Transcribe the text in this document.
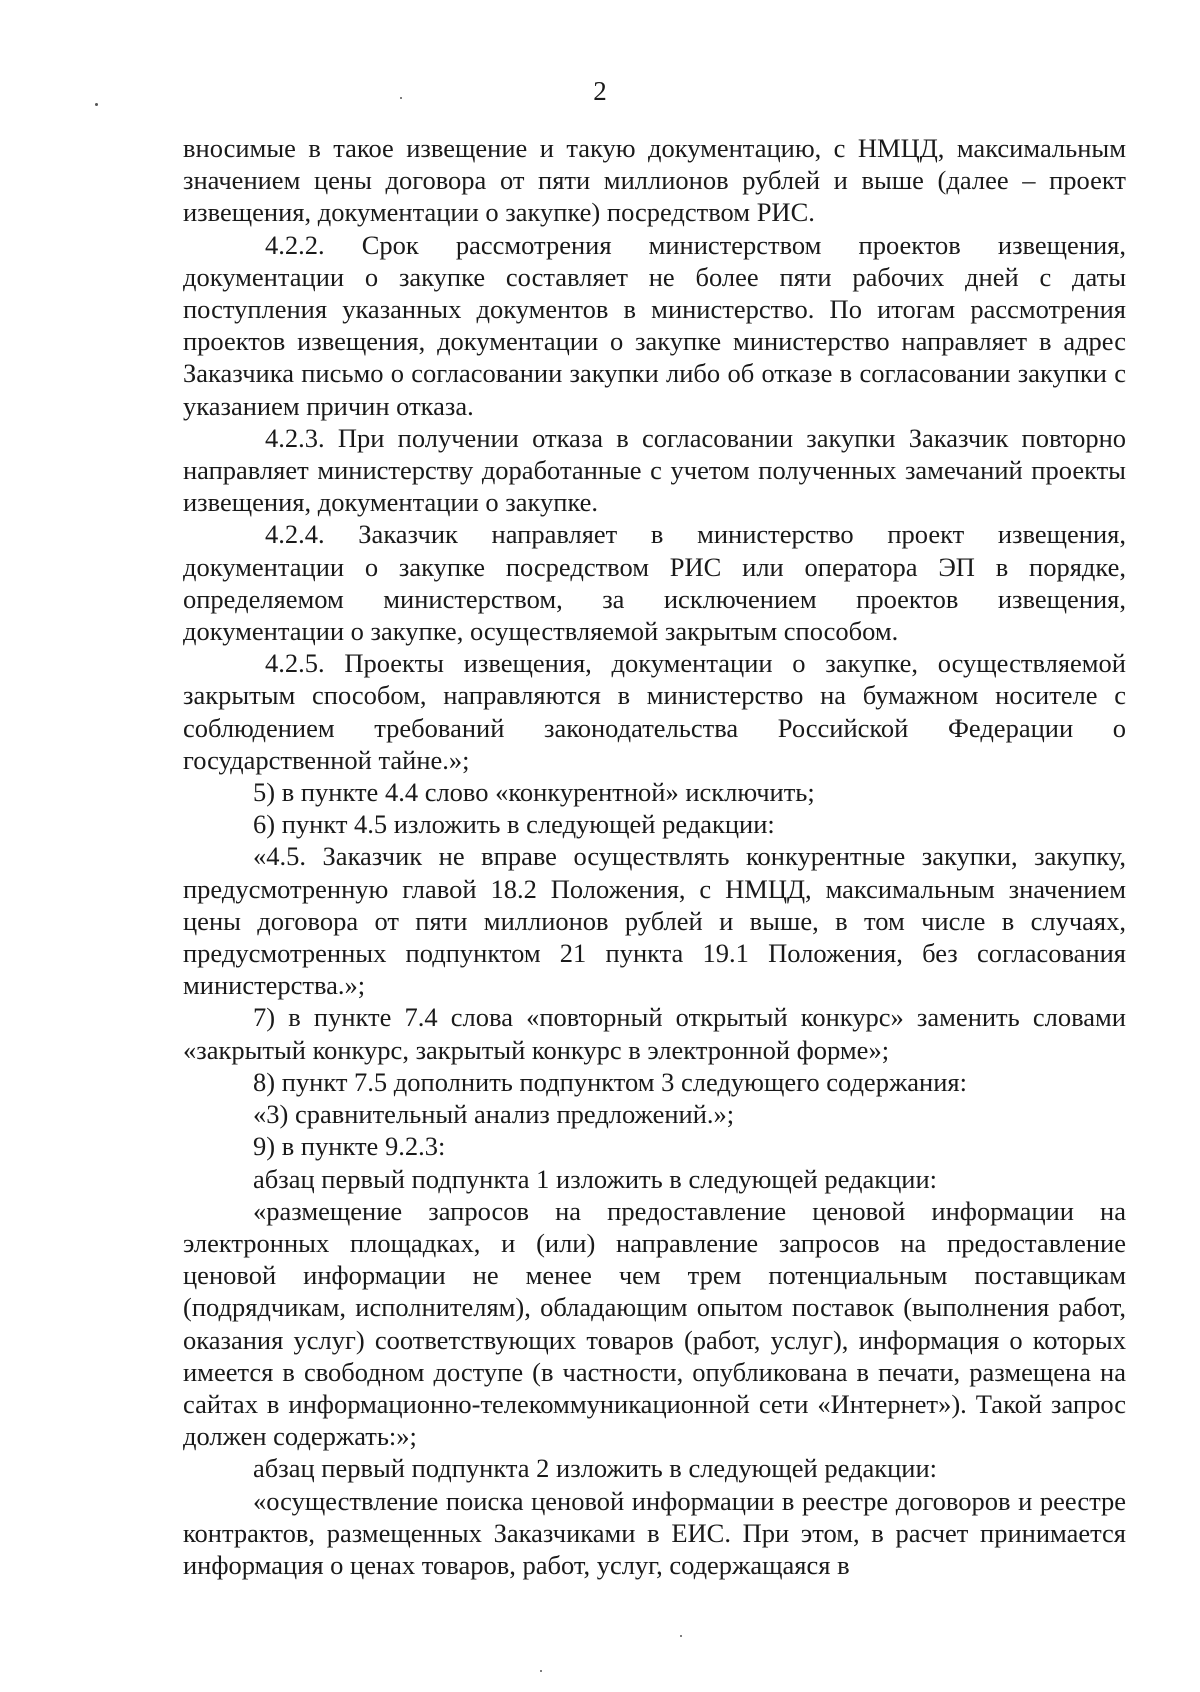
2

вносимые в такое извещение и такую документацию, с НМЦД, максимальным значением цены договора от пяти миллионов рублей и выше (далее – проект извещения, документации о закупке) посредством РИС.

4.2.2. Срок рассмотрения министерством проектов извещения, документации о закупке составляет не более пяти рабочих дней с даты поступления указанных документов в министерство. По итогам рассмотрения проектов извещения, документации о закупке министерство направляет в адрес Заказчика письмо о согласовании закупки либо об отказе в согласовании закупки с указанием причин отказа.

4.2.3. При получении отказа в согласовании закупки Заказчик повторно направляет министерству доработанные с учетом полученных замечаний проекты извещения, документации о закупке.

4.2.4. Заказчик направляет в министерство проект извещения, документации о закупке посредством РИС или оператора ЭП в порядке, определяемом министерством, за исключением проектов извещения, документации о закупке, осуществляемой закрытым способом.

4.2.5. Проекты извещения, документации о закупке, осуществляемой закрытым способом, направляются в министерство на бумажном носителе с соблюдением требований законодательства Российской Федерации о государственной тайне.»;

5) в пункте 4.4 слово «конкурентной» исключить;

6) пункт 4.5 изложить в следующей редакции:

«4.5. Заказчик не вправе осуществлять конкурентные закупки, закупку, предусмотренную главой 18.2 Положения, с НМЦД, максимальным значением цены договора от пяти миллионов рублей и выше, в том числе в случаях, предусмотренных подпунктом 21 пункта 19.1 Положения, без согласования министерства.»;

7) в пункте 7.4 слова «повторный открытый конкурс» заменить словами «закрытый конкурс, закрытый конкурс в электронной форме»;

8) пункт 7.5 дополнить подпунктом 3 следующего содержания:

«3) сравнительный анализ предложений.»;

9) в пункте 9.2.3:

абзац первый подпункта 1 изложить в следующей редакции:

«размещение запросов на предоставление ценовой информации на электронных площадках, и (или) направление запросов на предоставление ценовой информации не менее чем трем потенциальным поставщикам (подрядчикам, исполнителям), обладающим опытом поставок (выполнения работ, оказания услуг) соответствующих товаров (работ, услуг), информация о которых имеется в свободном доступе (в частности, опубликована в печати, размещена на сайтах в информационно-телекоммуникационной сети «Интернет»). Такой запрос должен содержать:»;

абзац первый подпункта 2 изложить в следующей редакции:

«осуществление поиска ценовой информации в реестре договоров и реестре контрактов, размещенных Заказчиками в ЕИС. При этом, в расчет принимается информация о ценах товаров, работ, услуг, содержащаяся в
